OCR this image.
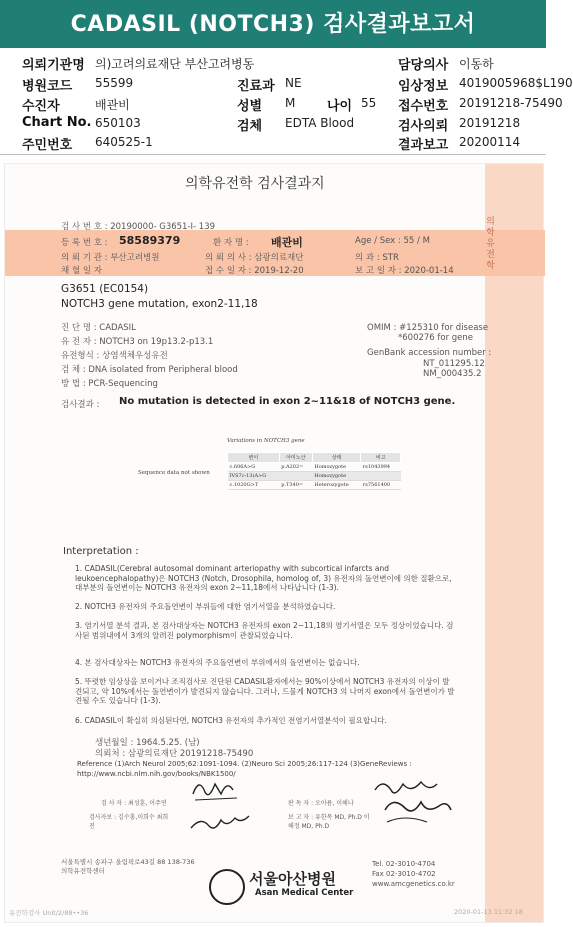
CADASIL (NOTCH3) 검사결과보고서
의뢰기관명 의)고려의료재단 부산고려병동	담당의사 이동하
병원코드 55599	진료과 NE	임상정보 4019005968$L190
수진자	배관비	성별 M 나이 55 접수번호 20191218-75490
Chart No. 650103	검체 EDTA Blood	검사의뢰 20191218
주민번호 640525-1	결과보고 20200114
의학유전학 검사결과지
의학유전학
검 사 번 호 : 20190000- G3651-I- 139
등 록 번 호 : 58589379	환 자 명 : 배관비	Age / Sex : 55 / M
의 뢰 기 관 : 부산고려병원	의 뢰 의 사 : 삼광의료재단	의 과 : STR
채 혈 일 자	접 수 일 자 : 2019-12-20	보 고 일 자 : 2020-01-14
G3651 (EC0154)
NOTCH3 gene mutation, exon2-11,18
진 단 명 : CADASIL
유 전 자 : NOTCH3 on 19p13.2-p13.1
유전형식 : 상염색체우성유전
검 체 : DNA isolated from Peripheral blood
방 법 : PCR-Sequencing
OMIM : #125310 for disease
*600276 for gene
GenBank accession number :
NT_011295.12
NM_000435.2
검사결과 : No mutation is detected in exon 2~11&18 of NOTCH3 gene.
Variations in NOTCH3 gene
Sequence data not shown
변이	아미노산	상태	비고
c.606A>G	p.A202=	Homozygote	rs1043994
IVS7c-13)A>G		Homozygote	
c.1020G>T	p.T340=	Heterozygote	rs7561400
Interpretation :
1. CADASIL(Cerebral autosomal dominant arteriopathy with subcortical infarcts and leukoencephalopathy)은 NOTCH3 (Notch, Drosophila, homolog of, 3) 유전자의 돌연변이에 의한 질환으로, 대부분의 돌연변이는 NOTCH3 유전자의 exon 2~11,18에서 나타납니다 (1-3).
2. NOTCH3 유전자의 주요돌연변이 부위들에 대한 염기서열을 분석하였습니다.
3. 염기서열 분석 결과, 본 검사대상자는 NOTCH3 유전자의 exon 2~11,18의 염기서열은 모두 정상이었습니다. 검사된 범위내에서 3개의 알려진 polymorphism이 관찰되었습니다.
4. 본 검사대상자는 NOTCH3 유전자의 주요돌연변이 부위에서의 돌연변이는 없습니다.
5. 뚜렷한 임상상을 보이거나 조직검사로 진단된 CADASIL환자에서는 90%이상에서 NOTCH3 유전자의 이상이 발견되고, 약 10%에서는 돌연변이가 발견되지 않습니다. 그러나, 드물게 NOTCH3 의 나머지 exon에서 돌연변이가 발견될 수도 있습니다 (1-3).
6. CADASIL이 확실히 의심된다면, NOTCH3 유전자의 추가적인 전염기서열분석이 필요합니다.
생년월일 : 1964.5.25. (남)
의뢰처 : 삼광의료재단 20191218-75490
Reference (1)Arch Neurol 2005;62:1091-1094. (2)Neuro Sci 2005;26:117-124 (3)GeneReviews : http://www.ncbi.nlm.nih.gov/books/NBK1500/
검 사 자 : 최성훈, 이주연
검사자보 : 김수홍,이희수 최희진
판 독 자 : 오아름, 이해나
보 고 자 : 유한목 MD, Ph.D 이해정 MD, Ph.D
서울특별시 송파구 올림픽로43길 88 138-736 의학유전학센터	서울아산병원
Asan Medical Center
Tel. 02-3010-4704
Fax 02-3010-4702
www.amcgenetics.co.kr
유전학검사 Unit/2/88••36	2020-01-13 11:32 18
